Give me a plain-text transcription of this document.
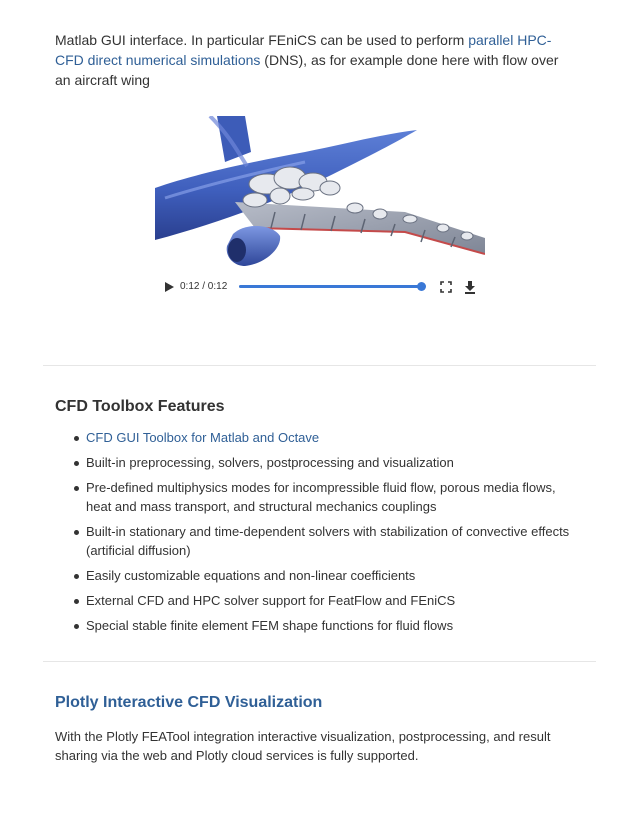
Matlab GUI interface. In particular FEniCS can be used to perform parallel HPC-CFD direct numerical simulations (DNS), as for example done here with flow over an aircraft wing

0:12 / 0:12
CFD Toolbox Features
CFD GUI Toolbox for Matlab and Octave
Built-in preprocessing, solvers, postprocessing and visualization
Pre-defined multiphysics modes for incompressible fluid flow, porous media flows, heat and mass transport, and structural mechanics couplings
Built-in stationary and time-dependent solvers with stabilization of convective effects (artificial diffusion)
Easily customizable equations and non-linear coefficients
External CFD and HPC solver support for FeatFlow and FEniCS
Special stable finite element FEM shape functions for fluid flows
Plotly Interactive CFD Visualization

With the Plotly FEATool integration interactive visualization, postprocessing, and result sharing via the web and Plotly cloud services is fully supported.
